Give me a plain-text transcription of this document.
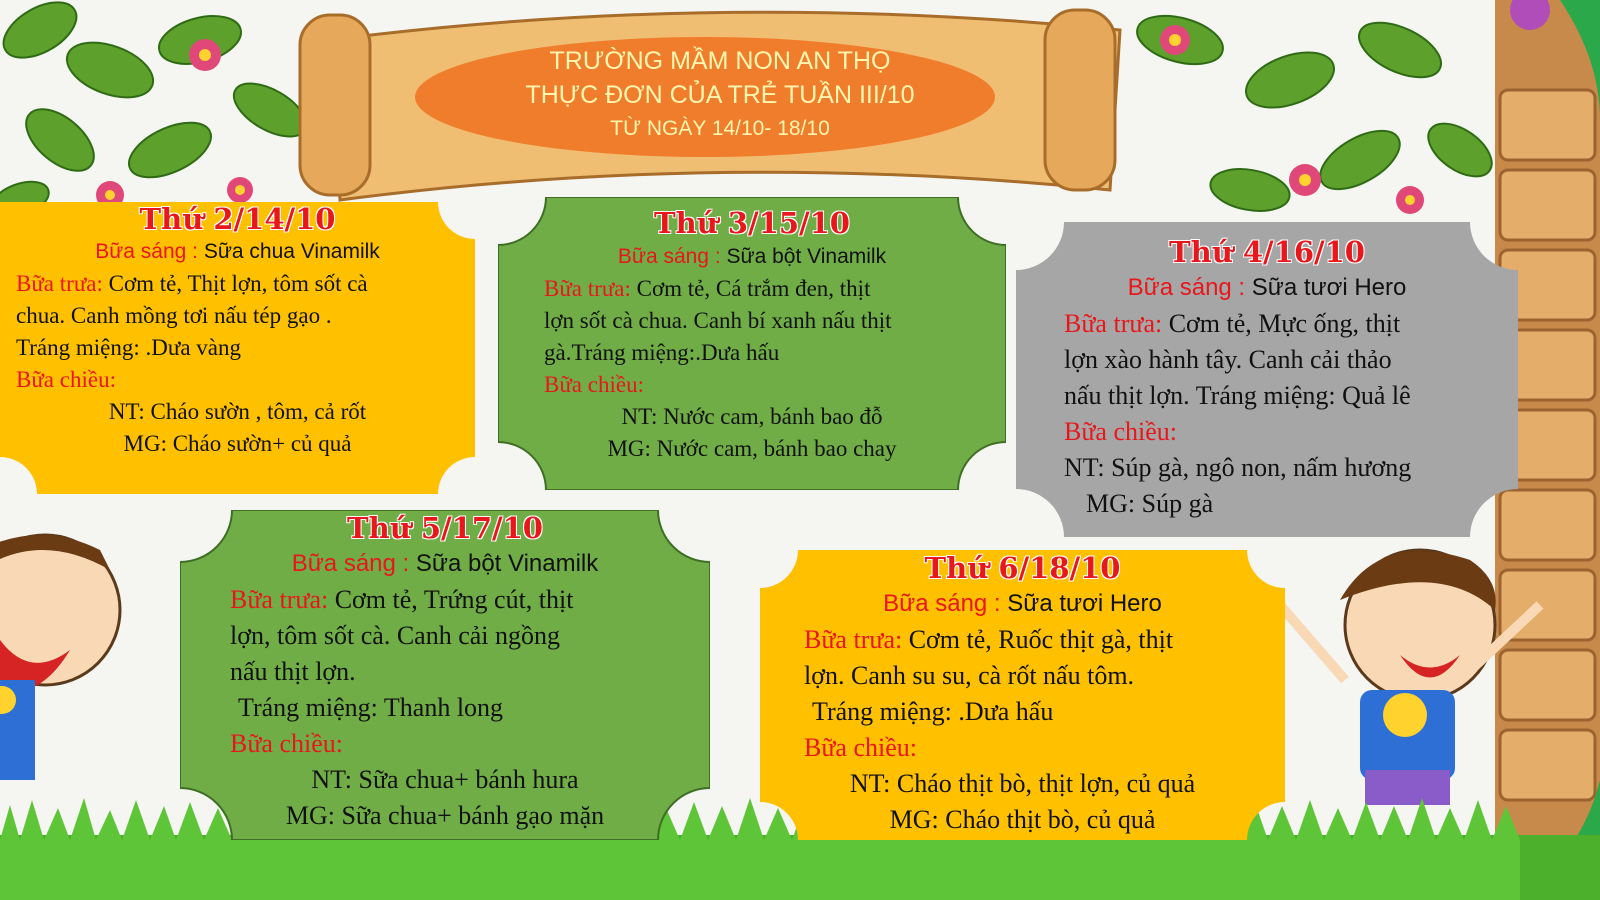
TRƯỜNG MẦM NON AN THỌ
THỰC ĐƠN CỦA TRẺ TUẦN III/10
TỪ NGÀY 14/10- 18/10
Thứ 2/14/10
Bữa sáng : Sữa chua Vinamilk
Bữa trưa: Cơm tẻ, Thịt lợn, tôm sốt cà
chua. Canh mồng tơi nấu tép gạo .
Tráng miệng: .Dưa vàng
Bữa chiều:
NT: Cháo sườn , tôm, cả rốt
MG: Cháo sườn+ củ quả
Thứ 3/15/10
Bữa sáng : Sữa bột Vinamilk
Bữa trưa: Cơm tẻ, Cá trắm đen, thịt
lợn sốt cà chua. Canh bí xanh nấu thịt
gà.Tráng miệng:.Dưa hấu
Bữa chiều:
NT: Nước cam, bánh bao đỗ
MG: Nước cam, bánh bao chay
Thứ 4/16/10
Bữa sáng : Sữa tươi Hero
Bữa trưa: Cơm tẻ, Mực ống, thịt
lợn xào hành tây. Canh cải thảo
nấu thịt lợn. Tráng miệng: Quả lê
Bữa chiều:
NT: Súp gà, ngô non, nấm hương
MG: Súp gà
Thứ 5/17/10
Bữa sáng : Sữa bột Vinamilk
Bữa trưa: Cơm tẻ, Trứng cút, thịt
lợn, tôm sốt cà. Canh cải ngồng
nấu thịt lợn.
Tráng miệng: Thanh long
Bữa chiều:
NT: Sữa chua+ bánh hura
MG: Sữa chua+ bánh gạo mặn
Thứ 6/18/10
Bữa sáng : Sữa tươi Hero
Bữa trưa: Cơm tẻ, Ruốc thịt gà, thịt
lợn. Canh su su, cà rốt nấu tôm.
Tráng miệng: .Dưa hấu
Bữa chiều:
NT: Cháo thịt bò, thịt lợn, củ quả
MG: Cháo thịt bò, củ quả
